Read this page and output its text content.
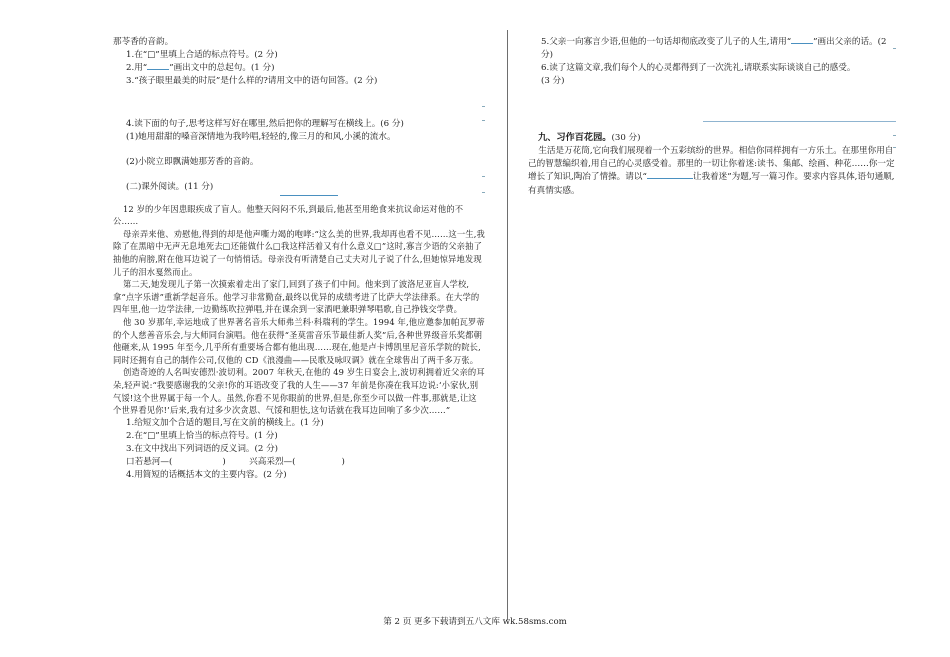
那苓香的音韵。

1.在“□”里填上合适的标点符号。(2 分)

2.用“	”画出文中的总起句。(1 分)

3.“孩子眼里最美的时辰”是什么样的?请用文中的语句回答。(2 分)

4.读下面的句子,思考这样写好在哪里,然后把你的理解写在横线上。(6 分)

(1)她用甜甜的嗓音深情地为我吟唱,轻轻的,像三月的和风,小溪的流水。

(2)小院立即飘满她那芳香的音韵。

(二)课外阅读。(11 分)

12 岁的少年因患眼疾成了盲人。他整天闷闷不乐,到最后,他甚至用绝食来抗议命运对他的不公……

母亲弄来他、劝慰他,得到的却是他声嘶力竭的咆哮:“这么美的世界,我却再也看不见……这一生,我除了在黑暗中无声无息地死去□还能做什么□我这样活着又有什么意义□”这时,寡言少语的父亲抽了抽他的肩膀,附在他耳边说了一句悄悄话。母亲没有听清楚自己丈夫对儿子说了什么,但她惊异地发现儿子的泪水戛然而止。

第二天,她发现儿子第一次摸索着走出了家门,回到了孩子们中间。他来到了波洛尼亚盲人学校,拿“点字乐谱”重新学起音乐。他学习非常勤奋,最终以优异的成绩考进了比萨大学法律系。在大学的四年里,他一边学法律,一边勤练吹拉弹唱,并在课余到一家酒吧兼职弹琴唱歌,自己挣钱交学费。

他 30 岁那年,幸运地成了世界著名音乐大师弗兰科·科瑞利的学生。1994 年,他应邀参加帕瓦罗蒂的个人慈善音乐会,与大师同台演唱。他在获得“圣莫雷音乐节最佳新人奖”后,各种世界级音乐奖都朝他砸来,从 1995 年至今,几乎所有重要场合都有他出现……现在,他是卢卡博凯里尼音乐学院的院长,同时还拥有自己的制作公司,仅他的 CD《浪漫曲——民歌及咏叹调》就在全球售出了两千多万张。

创造奇迹的人名叫安德烈·波切利。2007 年秋天,在他的 49 岁生日宴会上,波切利拥着近父亲的耳朵,轻声说:“我要感谢我的父亲!你的耳语改变了我的人生——37 年前是你凑在我耳边说:‘小家伙,别气馁!这个世界属于每一个人。虽然,你看不见你眼前的世界,但是,你至少可以做一件事,那就是,让这个世界看见你!’后来,我有过多少次贪恩、气馁和胆怯,这句话就在我耳边回响了多少次……”

1.给短文加个合适的题目,写在文前的横线上。(1 分)

2.在“□”里填上恰当的标点符号。(1 分)

3.在文中找出下列词语的反义词。(2 分)

口若悬河—(	)	兴高采烈—(	)

4.用简短的话概括本文的主要内容。(2 分)

5.父亲一向寡言少语,但他的一句话却彻底改变了儿子的人生,请用“	”画出父亲的话。(2 分)

6.读了这篇文章,我们每个人的心灵都得到了一次洗礼,请联系实际谈谈自己的感受。

(3 分)

九、习作百花园。(30 分)

生活是万花筒,它向我们展现着一个五彩缤纷的世界。相信你同样拥有一方乐土。在那里你用自己的智慧编织着,用自己的心灵感受着。那里的一切让你着迷:读书、集邮、绘画、种花……你一定增长了知识,陶冶了情操。请以“	让我着迷”为题,写一篇习作。要求内容具体,语句通顺,有真情实感。

第 2 页 更多下载请到五八文库 wk.58sms.com
